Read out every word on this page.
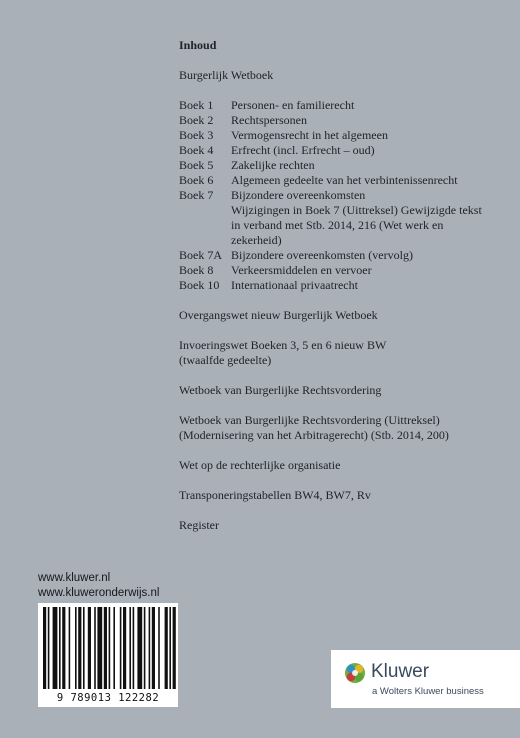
Inhoud
Burgerlijk Wetboek
Boek 1	Personen- en familierecht
Boek 2	Rechtspersonen
Boek 3	Vermogensrecht in het algemeen
Boek 4	Erfrecht (incl. Erfrecht – oud)
Boek 5	Zakelijke rechten
Boek 6	Algemeen gedeelte van het verbintenissenrecht
Boek 7	Bijzondere overeenkomsten
Wijzigingen in Boek 7 (Uittreksel) Gewijzigde tekst in verband met Stb. 2014, 216 (Wet werk en zekerheid)
Boek 7A Bijzondere overeenkomsten (vervolg)
Boek 8	Verkeersmiddelen en vervoer
Boek 10 Internationaal privaatrecht
Overgangswet nieuw Burgerlijk Wetboek
Invoeringswet Boeken 3, 5 en 6 nieuw BW
(twaalfde gedeelte)
Wetboek van Burgerlijke Rechtsvordering
Wetboek van Burgerlijke Rechtsvordering (Uittreksel)
(Modernisering van het Arbitragerecht) (Stb. 2014, 200)
Wet op de rechterlijke organisatie
Transponeringstabellen BW4, BW7, Rv
Register
www.kluwer.nl
www.kluweronderwijs.nl
9 789013 122282
Kluwer
a Wolters Kluwer business
